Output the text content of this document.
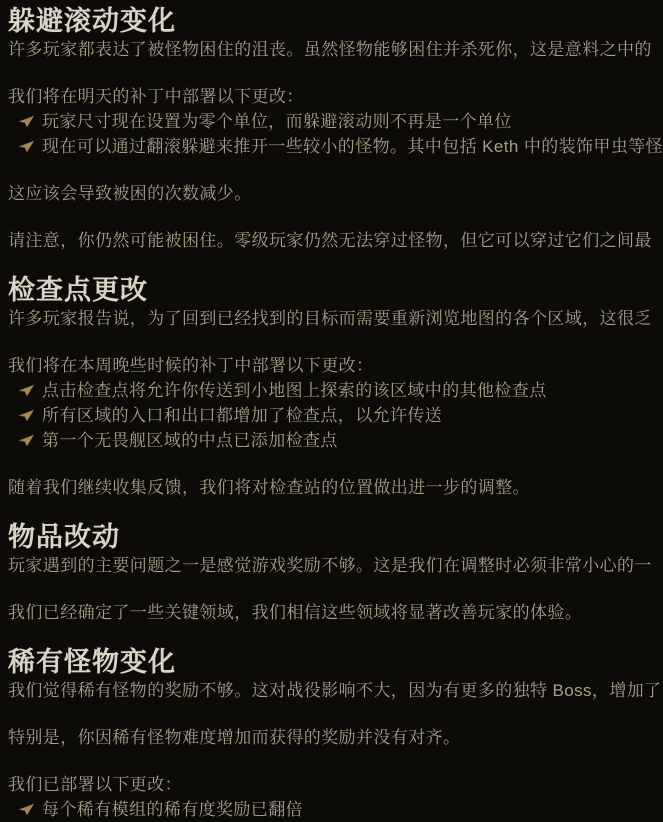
躲避滚动变化
许多玩家都表达了被怪物困住的沮丧。虽然怪物能够困住并杀死你，这是意料之中的
我们将在明天的补丁中部署以下更改：
玩家尺寸现在设置为零个单位，而躲避滚动则不再是一个单位
现在可以通过翻滚躲避来推开一些较小的怪物。其中包括 Keth 中的装饰甲虫等怪
这应该会导致被困的次数减少。
请注意，你仍然可能被困住。零级玩家仍然无法穿过怪物，但它可以穿过它们之间最
检查点更改
许多玩家报告说，为了回到已经找到的目标而需要重新浏览地图的各个区域，这很乏
我们将在本周晚些时候的补丁中部署以下更改：
点击检查点将允许你传送到小地图上探索的该区域中的其他检查点
所有区域的入口和出口都增加了检查点，以允许传送
第一个无畏舰区域的中点已添加检查点
随着我们继续收集反馈，我们将对检查站的位置做出进一步的调整。
物品改动
玩家遇到的主要问题之一是感觉游戏奖励不够。这是我们在调整时必须非常小心的一
我们已经确定了一些关键领域，我们相信这些领域将显著改善玩家的体验。
稀有怪物变化
我们觉得稀有怪物的奖励不够。这对战役影响不大，因为有更多的独特 Boss，增加了
特别是，你因稀有怪物难度增加而获得的奖励并没有对齐。
我们已部署以下更改：
每个稀有模组的稀有度奖励已翻倍
